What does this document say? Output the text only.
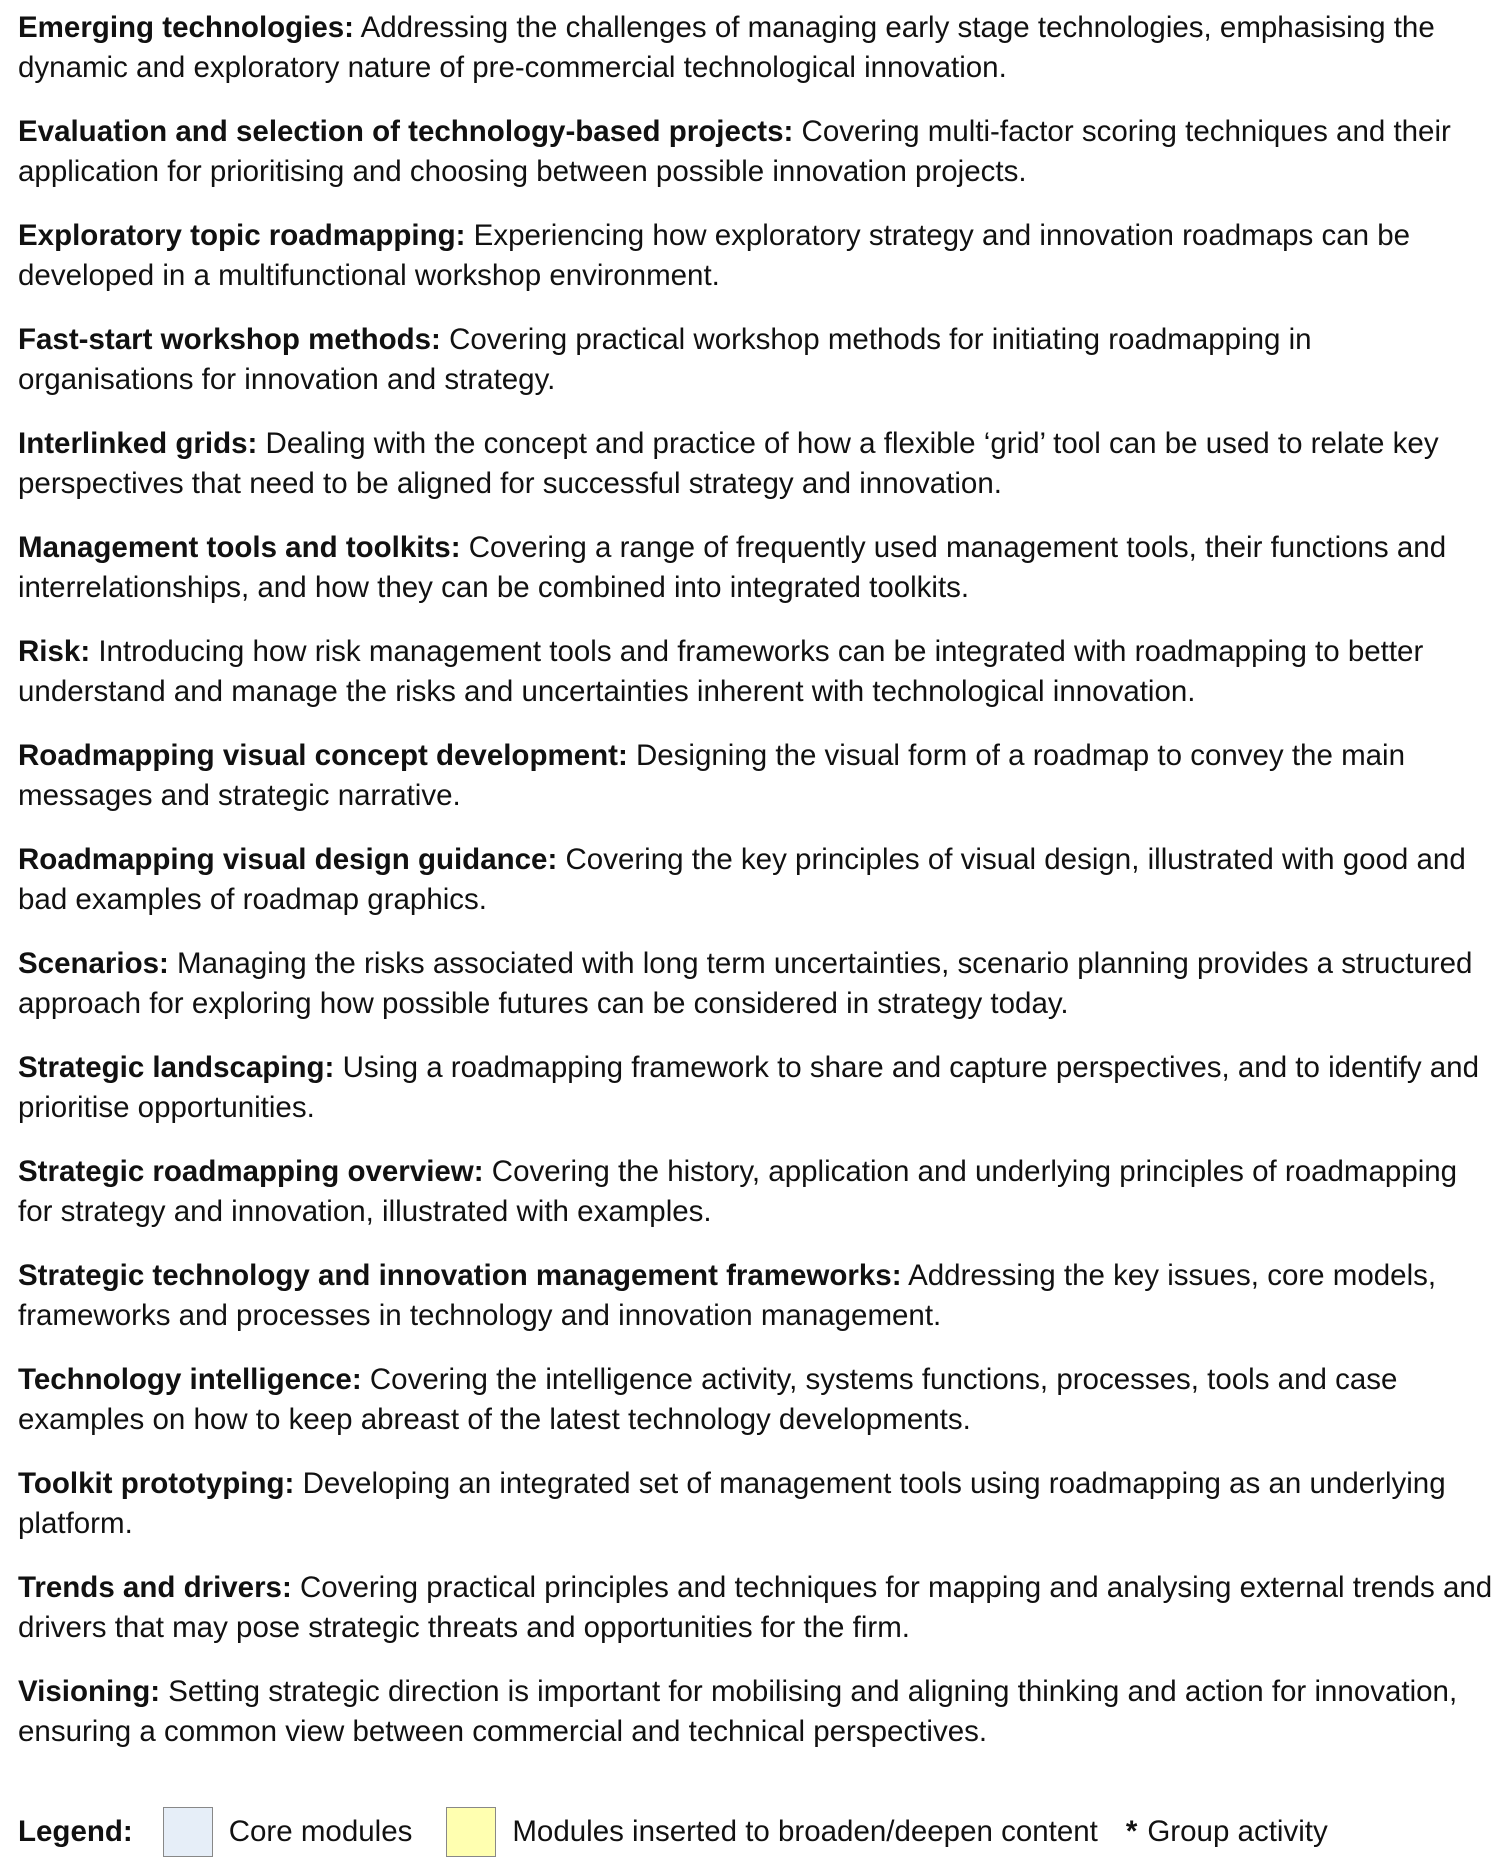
Emerging technologies: Addressing the challenges of managing early stage technologies, emphasising the dynamic and exploratory nature of pre-commercial technological innovation.

Evaluation and selection of technology-based projects: Covering multi-factor scoring techniques and their application for prioritising and choosing between possible innovation projects.

Exploratory topic roadmapping: Experiencing how exploratory strategy and innovation roadmaps can be developed in a multifunctional workshop environment.

Fast-start workshop methods: Covering practical workshop methods for initiating roadmapping in organisations for innovation and strategy.

Interlinked grids: Dealing with the concept and practice of how a flexible ‘grid’ tool can be used to relate key perspectives that need to be aligned for successful strategy and innovation.

Management tools and toolkits: Covering a range of frequently used management tools, their functions and interrelationships, and how they can be combined into integrated toolkits.

Risk: Introducing how risk management tools and frameworks can be integrated with roadmapping to better understand and manage the risks and uncertainties inherent with technological innovation.

Roadmapping visual concept development: Designing the visual form of a roadmap to convey the main messages and strategic narrative.

Roadmapping visual design guidance: Covering the key principles of visual design, illustrated with good and bad examples of roadmap graphics.

Scenarios: Managing the risks associated with long term uncertainties, scenario planning provides a structured approach for exploring how possible futures can be considered in strategy today.

Strategic landscaping: Using a roadmapping framework to share and capture perspectives, and to identify and prioritise opportunities.

Strategic roadmapping overview: Covering the history, application and underlying principles of roadmapping for strategy and innovation, illustrated with examples.

Strategic technology and innovation management frameworks: Addressing the key issues, core models, frameworks and processes in technology and innovation management.

Technology intelligence: Covering the intelligence activity, systems functions, processes, tools and case examples on how to keep abreast of the latest technology developments.

Toolkit prototyping: Developing an integrated set of management tools using roadmapping as an underlying platform.

Trends and drivers: Covering practical principles and techniques for mapping and analysing external trends and drivers that may pose strategic threats and opportunities for the firm.

Visioning: Setting strategic direction is important for mobilising and aligning thinking and action for innovation, ensuring a common view between commercial and technical perspectives.

Legend:	Core modules	Modules inserted to broaden/deepen content * Group activity
